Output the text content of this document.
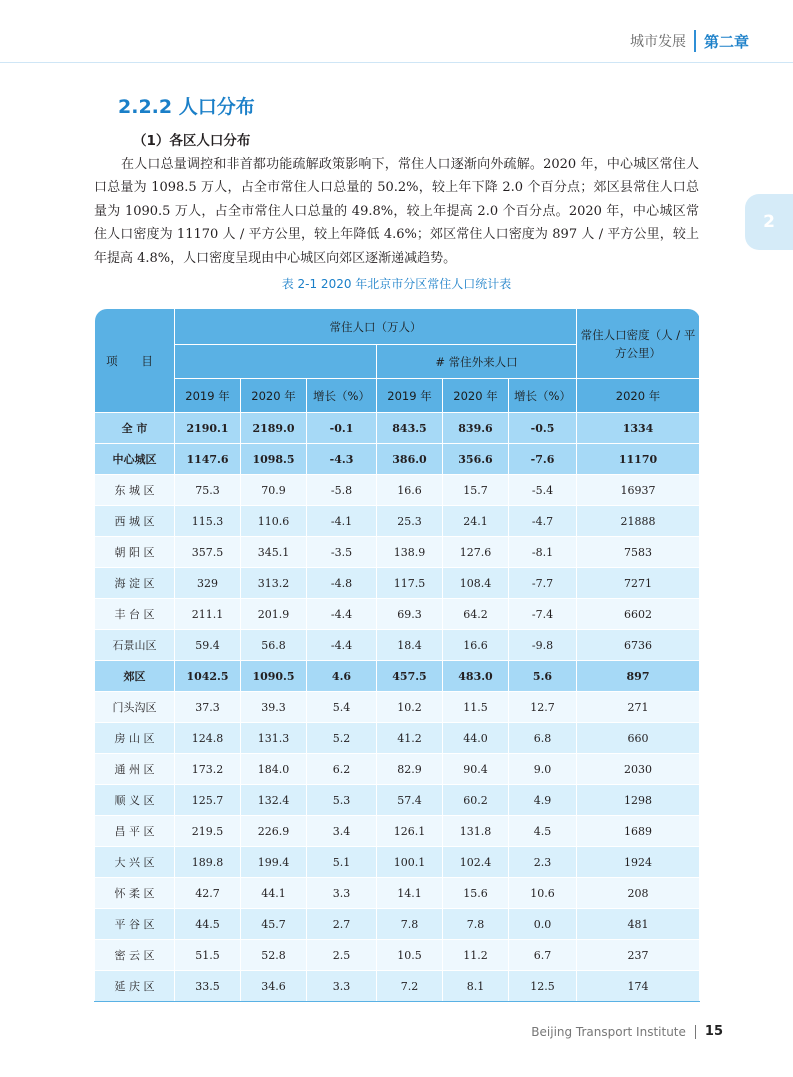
城市发展	第二章
2
2.2.2 人口分布
（1）各区人口分布

在人口总量调控和非首都功能疏解政策影响下，常住人口逐渐向外疏解。2020 年，中心城区常住人口总量为 1098.5 万人，占全市常住人口总量的 50.2%，较上年下降 2.0 个百分点；郊区县常住人口总量为 1090.5 万人，占全市常住人口总量的 49.8%，较上年提高 2.0 个百分点。2020 年，中心城区常住人口密度为 11170 人 / 平方公里，较上年降低 4.6%；郊区常住人口密度为 897 人 / 平方公里，较上年提高 4.8%，人口密度呈现由中心城区向郊区逐渐递减趋势。

表 2-1 2020 年北京市分区常住人口统计表
项 目	常住人口（万人）						常住人口密度（人 / 平方公里）
				# 常住外来人口			
	2019 年	2020 年	增长（%）	2019 年	2020 年	增长（%）	2020 年
全 市	2190.1	2189.0	-0.1	843.5	839.6	-0.5	1334
中心城区	1147.6	1098.5	-4.3	386.0	356.6	-7.6	11170
东 城 区	75.3	70.9	-5.8	16.6	15.7	-5.4	16937
西 城 区	115.3	110.6	-4.1	25.3	24.1	-4.7	21888
朝 阳 区	357.5	345.1	-3.5	138.9	127.6	-8.1	7583
海 淀 区	329	313.2	-4.8	117.5	108.4	-7.7	7271
丰 台 区	211.1	201.9	-4.4	69.3	64.2	-7.4	6602
石景山区	59.4	56.8	-4.4	18.4	16.6	-9.8	6736
郊区	1042.5	1090.5	4.6	457.5	483.0	5.6	897
门头沟区	37.3	39.3	5.4	10.2	11.5	12.7	271
房 山 区	124.8	131.3	5.2	41.2	44.0	6.8	660
通 州 区	173.2	184.0	6.2	82.9	90.4	9.0	2030
顺 义 区	125.7	132.4	5.3	57.4	60.2	4.9	1298
昌 平 区	219.5	226.9	3.4	126.1	131.8	4.5	1689
大 兴 区	189.8	199.4	5.1	100.1	102.4	2.3	1924
怀 柔 区	42.7	44.1	3.3	14.1	15.6	10.6	208
平 谷 区	44.5	45.7	2.7	7.8	7.8	0.0	481
密 云 区	51.5	52.8	2.5	10.5	11.2	6.7	237
延 庆 区	33.5	34.6	3.3	7.2	8.1	12.5	174
Beijing Transport Institute 15
